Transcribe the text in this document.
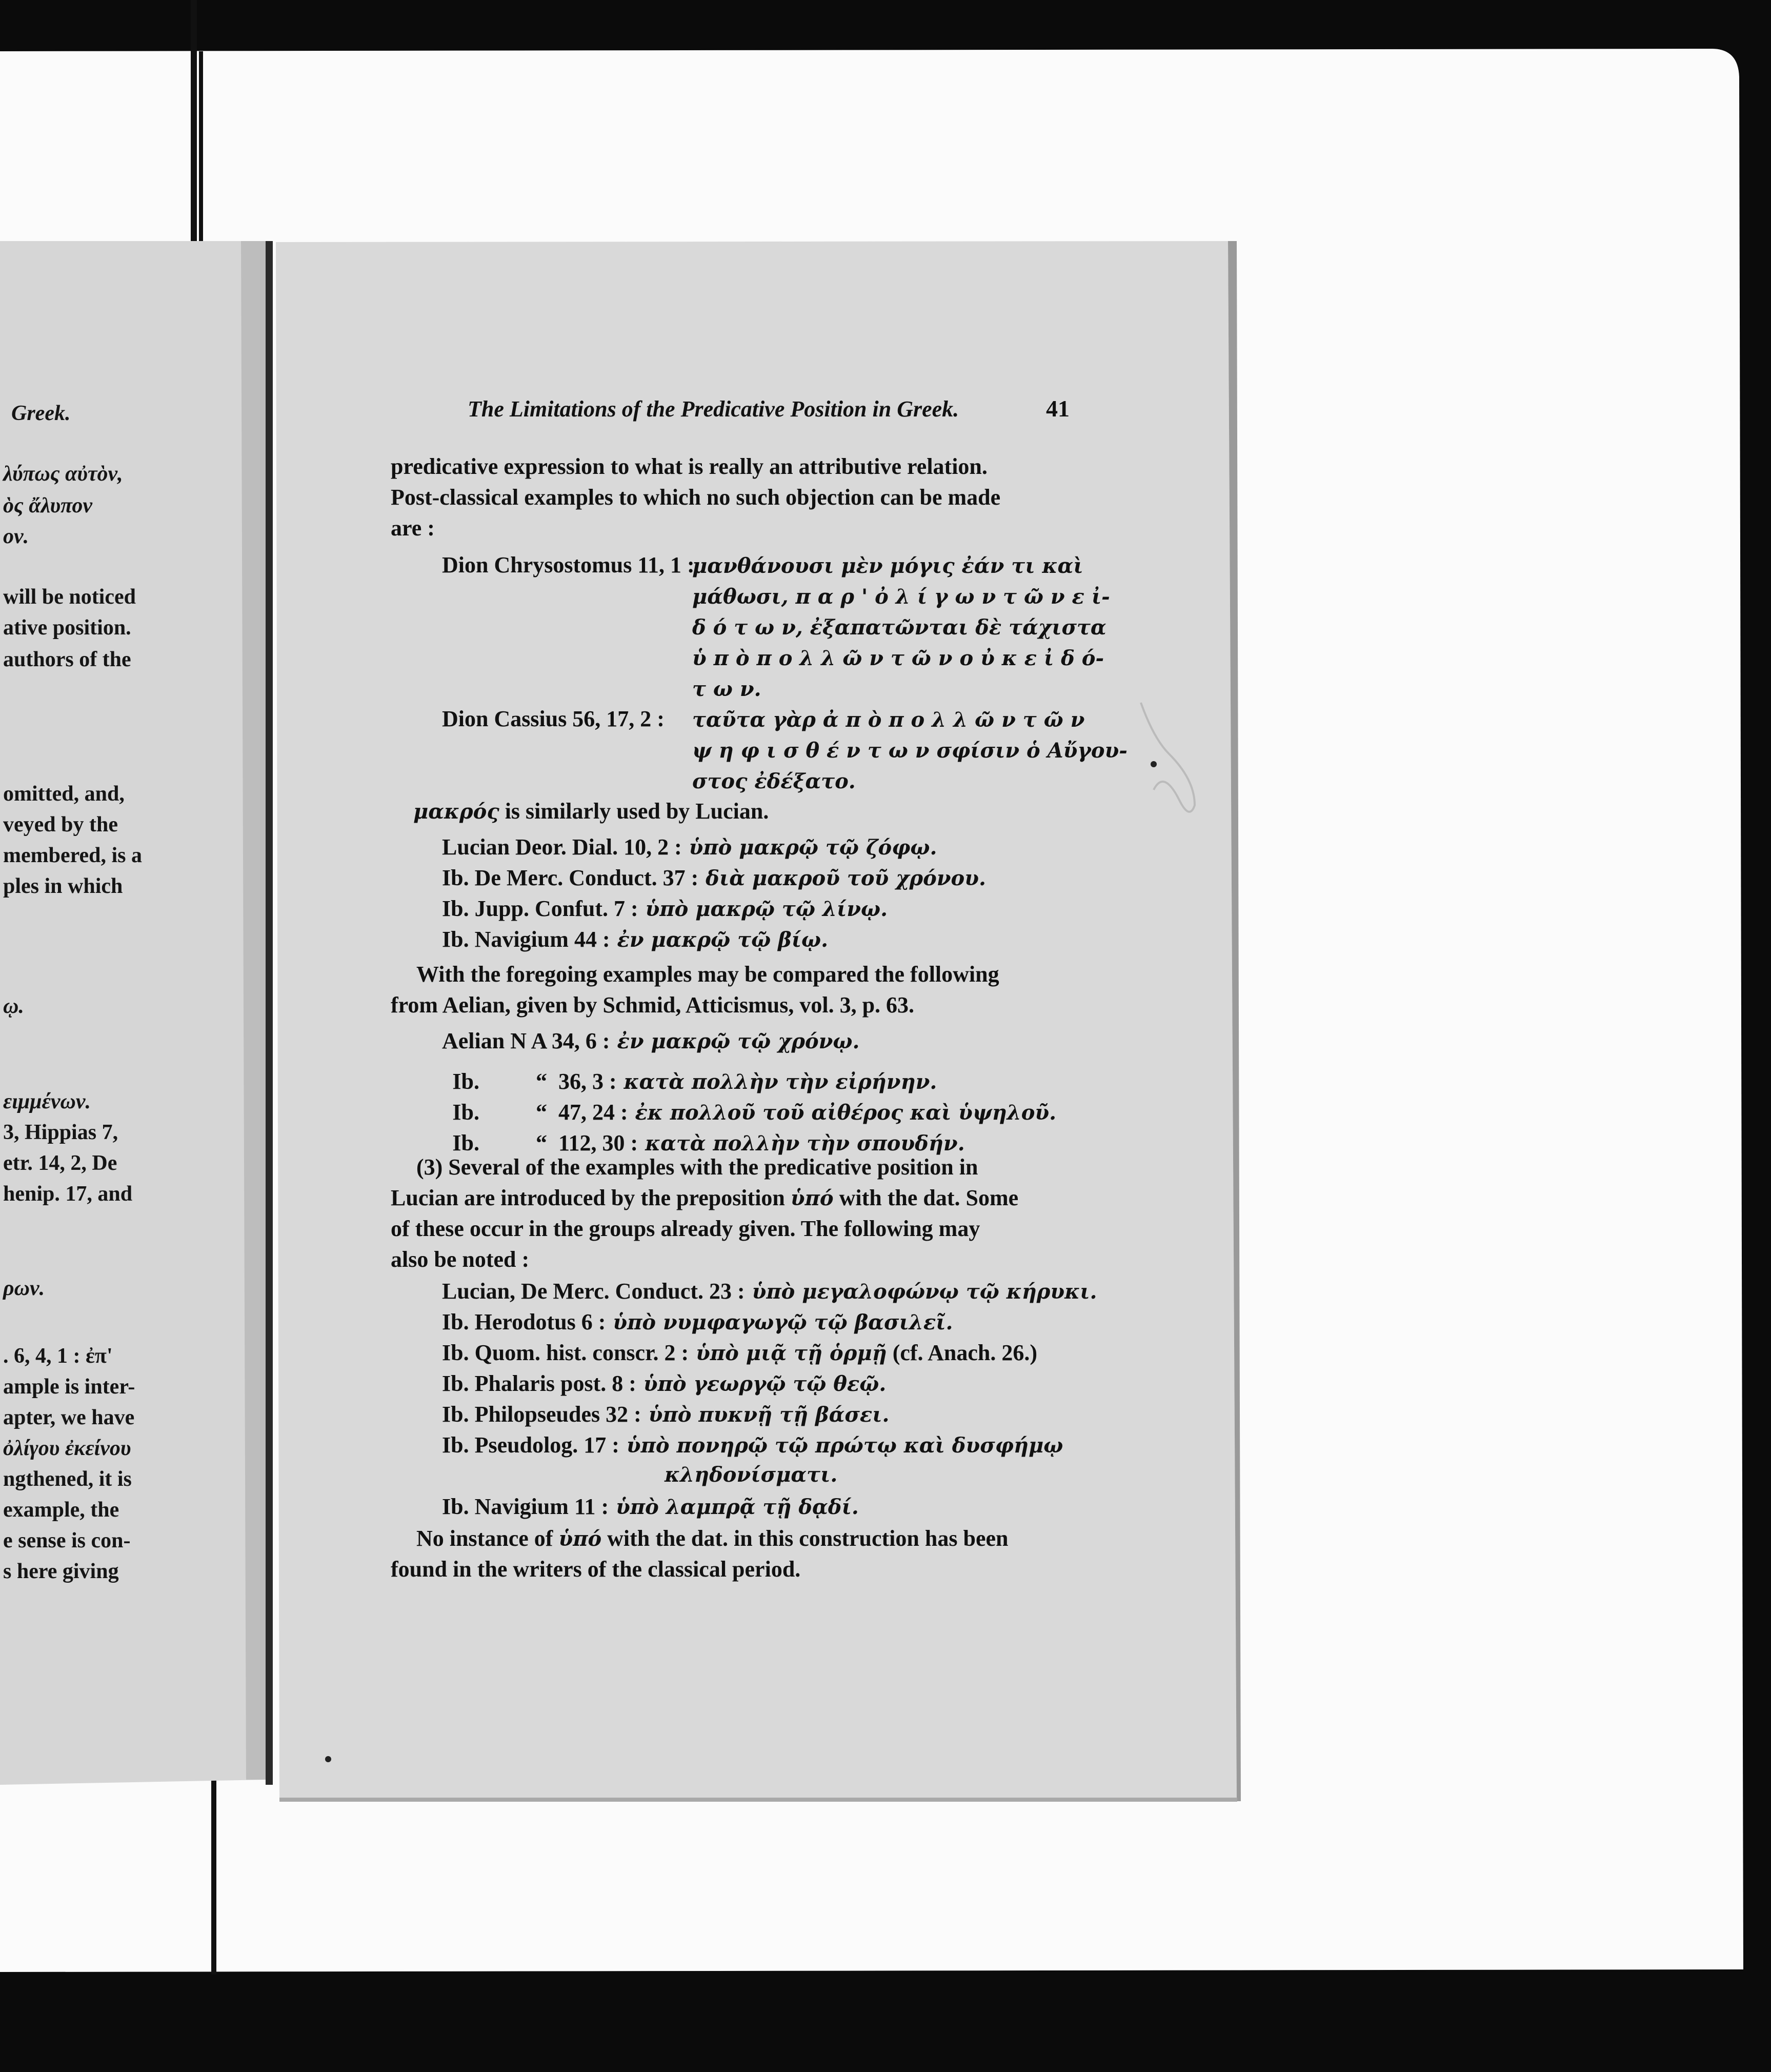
Greek.
λύπως αὐτὸν,
ὸς ἄλυπον
ον.
will be noticed
ative position.
authors of the
omitted, and,
veyed by the
membered, is a
ples in which
ῳ.
ειμμένων.
3, Hippias 7,
etr. 14, 2, De
henip. 17, and
ρων.
. 6, 4, 1 : ἐπ'
ample is inter-
apter, we have
ὀλίγου ἐκείνου
ngthened, it is
example, the
e sense is con-
s here giving
The Limitations of the Predicative Position in Greek.	41
predicative expression to what is really an attributive relation.
Post-classical examples to which no such objection can be made
are :
Dion Chrysostomus 11, 1 :
μανθάνουσι μὲν μόγις ἐάν τι καὶ
μάθωσι, π α ρ ' ὀ λ ί γ ω ν τ ῶ ν ε ἰ-
δ ό τ ω ν, ἐξαπατῶνται δὲ τάχιστα
ὑ π ὸ π ο λ λ ῶ ν τ ῶ ν ο ὐ κ ε ἰ δ ό-
τ ω ν.
Dion Cassius 56, 17, 2 : ταῦτα γὰρ ἀ π ὸ π ο λ λ ῶ ν τ ῶ ν
ψ η φ ι σ θ έ ν τ ω ν σφίσιν ὁ Αὔγου-
στος ἐδέξατο.
μακρός is similarly used by Lucian.
Lucian Deor. Dial. 10, 2 : ὑπὸ μακρῷ τῷ ζόφῳ.
Ib. De Merc. Conduct. 37 : διὰ μακροῦ τοῦ χρόνου.
Ib. Jupp. Confut. 7 : ὑπὸ μακρῷ τῷ λίνῳ.
Ib. Navigium 44 : ἐν μακρῷ τῷ βίῳ.
With the foregoing examples may be compared the following
from Aelian, given by Schmid, Atticismus, vol. 3, p. 63.
Aelian N A 34, 6 : ἐν μακρῷ τῷ χρόνῳ.

Ib.          “  36, 3 : κατὰ πολλὴν τὴν εἰρήνην.

Ib.          “  47, 24 : ἐκ πολλοῦ τοῦ αἰθέρος καὶ ὑψηλοῦ.

Ib.          “  112, 30 : κατὰ πολλὴν τὴν σπουδήν.

(3) Several of the examples with the predicative position in
Lucian are introduced by the preposition ὑπό with the dat. Some
of these occur in the groups already given. The following may
also be noted :
Lucian, De Merc. Conduct. 23 : ὑπὸ μεγαλοφώνῳ τῷ κήρυκι.
Ib. Herodotus 6 : ὑπὸ νυμφαγωγῷ τῷ βασιλεῖ.
Ib. Quom. hist. conscr. 2 : ὑπὸ μιᾷ τῇ ὁρμῇ (cf. Anach. 26.)
Ib. Phalaris post. 8 : ὑπὸ γεωργῷ τῷ θεῷ.
Ib. Philopseudes 32 : ὑπὸ πυκνῇ τῇ βάσει.
Ib. Pseudolog. 17 : ὑπὸ πονηρῷ τῷ πρώτῳ καὶ δυσφήμῳ
κληδονίσματι.
Ib. Navigium 11 : ὑπὸ λαμπρᾷ τῇ δᾳδί.
No instance of ὑπό with the dat. in this construction has been
found in the writers of the classical period.
